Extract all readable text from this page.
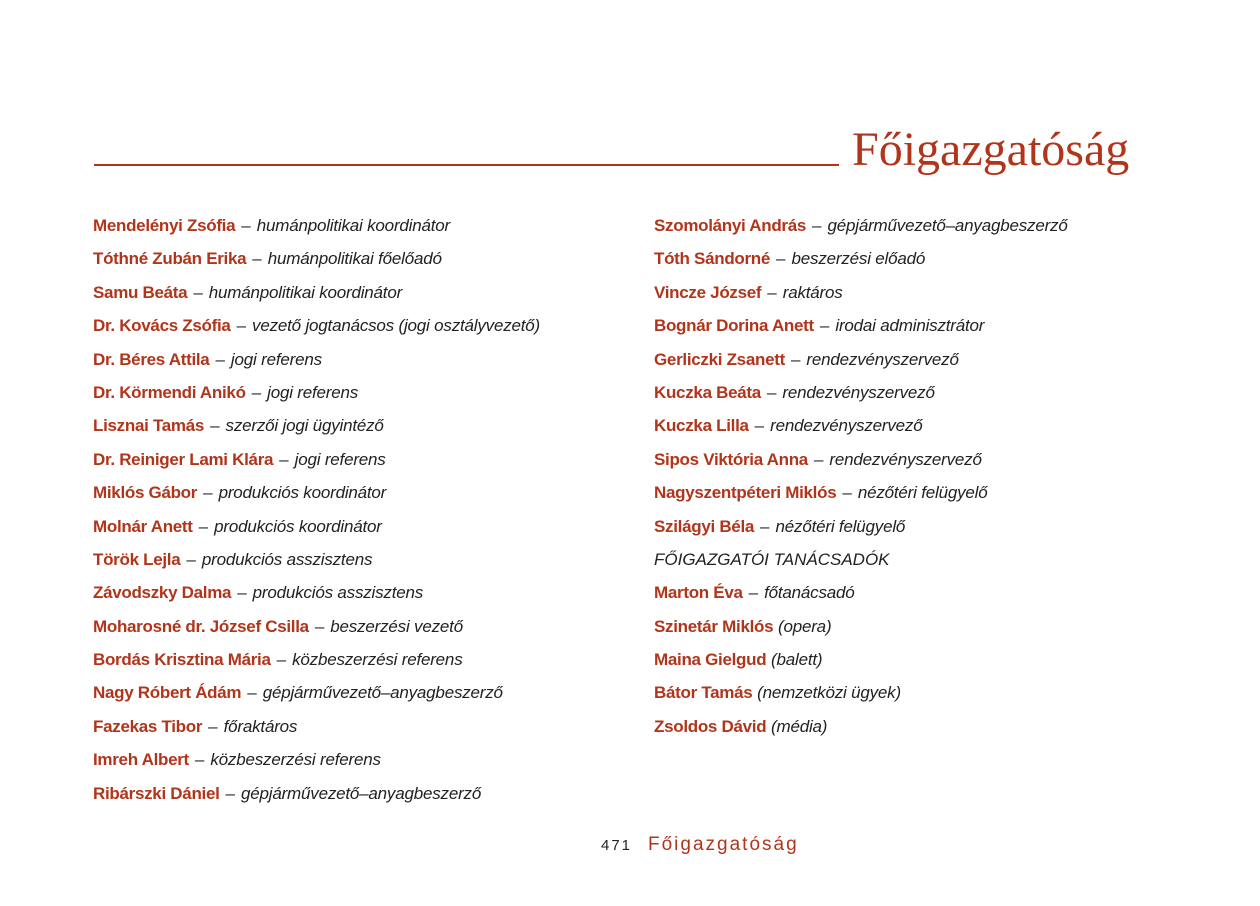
Főigazgatóság
Mendelényi Zsófia – humánpolitikai koordinátor
Tóthné Zubán Erika – humánpolitikai főelőadó
Samu Beáta – humánpolitikai koordinátor
Dr. Kovács Zsófia – vezető jogtanácsos (jogi osztályvezető)
Dr. Béres Attila – jogi referens
Dr. Körmendi Anikó – jogi referens
Lisznai Tamás – szerzői jogi ügyintéző
Dr. Reiniger Lami Klára – jogi referens
Miklós Gábor – produkciós koordinátor
Molnár Anett – produkciós koordinátor
Török Lejla – produkciós asszisztens
Závodszky Dalma – produkciós asszisztens
Moharosné dr. József Csilla – beszerzési vezető
Bordás Krisztina Mária – közbeszerzési referens
Nagy Róbert Ádám – gépjárművezető–anyagbeszerző
Fazekas Tibor – főraktáros
Imreh Albert – közbeszerzési referens
Ribárszki Dániel – gépjárművezető–anyagbeszerző
Szomolányi András – gépjárművezető–anyagbeszerző
Tóth Sándorné – beszerzési előadó
Vincze József – raktáros
Bognár Dorina Anett – irodai adminisztrátor
Gerliczki Zsanett – rendezvényszervező
Kuczka Beáta – rendezvényszervező
Kuczka Lilla – rendezvényszervező
Sipos Viktória Anna – rendezvényszervező
Nagyszentpéteri Miklós – nézőtéri felügyelő
Szilágyi Béla – nézőtéri felügyelő
FŐIGAZGATÓI TANÁCSADÓK
Marton Éva – főtanácsadó
Szinetár Miklós (opera)
Maina Gielgud (balett)
Bátor Tamás (nemzetközi ügyek)
Zsoldos Dávid (média)
471 Főigazgatóság
